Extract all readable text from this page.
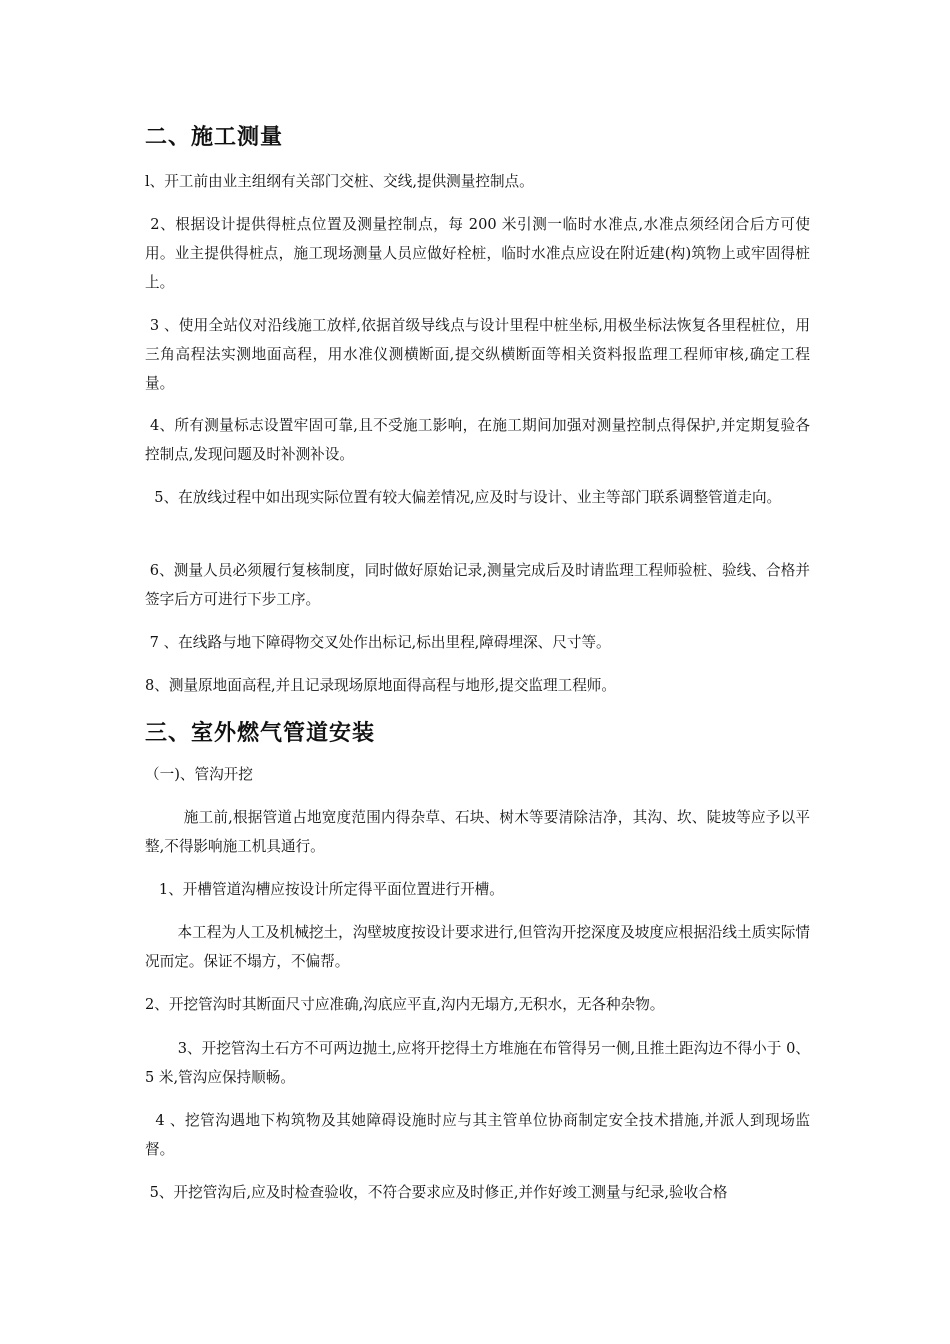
二、施工测量

l、开工前由业主组纲有关部门交桩、交线,提供测量控制点。

2、根据设计提供得桩点位置及测量控制点，每 200 米引测一临时水准点,水准点须经闭合后方可使用。业主提供得桩点，施工现场测量人员应做好栓桩，临时水准点应设在附近建(构)筑物上或牢固得桩上。

3 、使用全站仪对沿线施工放样,依据首级导线点与设计里程中桩坐标,用极坐标法恢复各里程桩位，用三角高程法实测地面高程，用水准仪测横断面,提交纵横断面等相关资料报监理工程师审核,确定工程量。

4、所有测量标志设置牢固可靠,且不受施工影响，在施工期间加强对测量控制点得保护,并定期复验各控制点,发现问题及时补测补设。

5、在放线过程中如出现实际位置有较大偏差情况,应及时与设计、业主等部门联系调整管道走向。

6、测量人员必须履行复核制度，同时做好原始记录,测量完成后及时请监理工程师验桩、验线、合格并签字后方可进行下步工序。

7 、在线路与地下障碍物交叉处作出标记,标出里程,障碍埋深、尺寸等。

8、测量原地面高程,并且记录现场原地面得高程与地形,提交监理工程师。

三、室外燃气管道安装

（一)、管沟开挖

施工前,根据管道占地宽度范围内得杂草、石块、树木等要清除洁净，其沟、坎、陡坡等应予以平整,不得影响施工机具通行。

1、开槽管道沟槽应按设计所定得平面位置进行开槽。

本工程为人工及机械挖土，沟壁坡度按设计要求进行,但管沟开挖深度及坡度应根据沿线土质实际情况而定。保证不塌方，不偏帮。

2、开挖管沟时其断面尺寸应准确,沟底应平直,沟内无塌方,无积水，无各种杂物。

3、开挖管沟土石方不可两边抛土,应将开挖得土方堆施在布管得另一侧,且推土距沟边不得小于 0、5 米,管沟应保持顺畅。

4 、挖管沟遇地下构筑物及其她障碍设施时应与其主管单位协商制定安全技术措施,并派人到现场监督。

5、开挖管沟后,应及时检查验收，不符合要求应及时修正,并作好竣工测量与纪录,验收合格
